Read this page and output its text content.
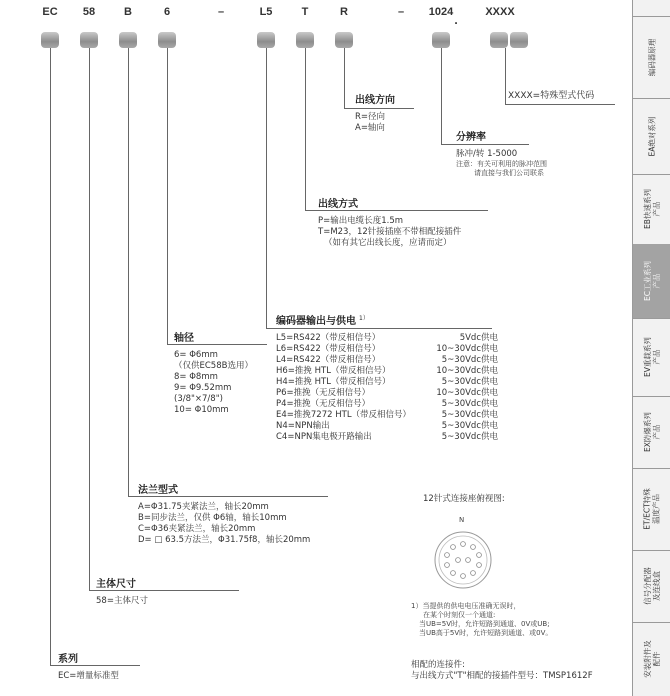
EC	58	B	6	–	L5	T	R	–	1024
.
XXXX
XXXX=特殊型式代码
出线方向
R=径向
A=轴向
分辨率
脉冲/转 1-5000
注意：有关可利用的脉冲范围
请直接与我们公司联系
出线方式
P=输出电缆长度1.5m
T=M23，12针接插座不带相配接插件
（如有其它出线长度，应请而定）
编码器输出与供电 $^{1)}$
L5=RS422（带反相信号）	5Vdc供电
L6=RS422（带反相信号）	10~30Vdc供电
L4=RS422（带反相信号）	5~30Vdc供电
H6=推挽 HTL（带反相信号）	10~30Vdc供电
H4=推挽 HTL（带反相信号）	5~30Vdc供电
P6=推挽（无反相信号）	10~30Vdc供电
P4=推挽（无反相信号）	5~30Vdc供电
E4=推挽7272 HTL（带反相信号）	5~30Vdc供电
N4=NPN输出	5~30Vdc供电
C4=NPN集电极开路输出	5~30Vdc供电
轴径
6= Φ6mm
（仅供EC58B选用）
8= Φ8mm
9= Φ9.52mm
(3/8"×7/8")
10= Φ10mm
法兰型式
A=Φ31.75夹紧法兰，轴长20mm
B=同步法兰，仅供 Φ6轴，轴长10mm
C=Φ36夹紧法兰，轴长20mm
D= □ 63.5方法兰，Φ31.75f8，轴长20mm
主体尺寸
58=主体尺寸
系列
EC=增量标准型
12针式连接座俯视图:
N
1）当提供的供电电压准确无误时，
在某个时刻仅一个通道:
当UB=5V时，允许短路到通道、0V或UB;
当UB高于5V时，允许短路到通道、或0V。
相配的连接件:
与出线方式"T"相配的接插件型号：TMSP1612F
编码器原理
EA绝对系列
EB快速系列
产品
EC工业系列
产品
EV重载系列
产品
EX防爆系列
产品
ET/ECT特殊
温度产品
信号分配器
及连线盒
安装附件及
配件
